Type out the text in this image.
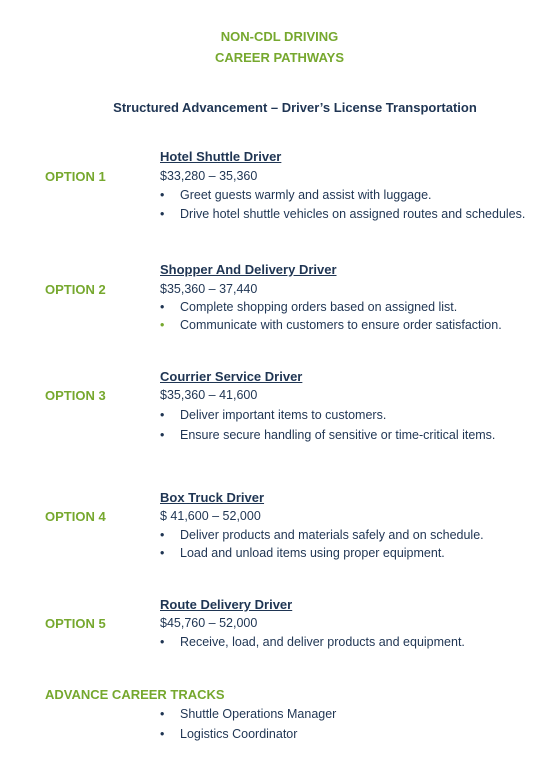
NON-CDL DRIVING
CAREER PATHWAYS
Structured Advancement – Driver’s License Transportation
Hotel Shuttle Driver
OPTION 1	$33,280 – 35,360
• Greet guests warmly and assist with luggage.
• Drive hotel shuttle vehicles on assigned routes and schedules.
Shopper And Delivery Driver
OPTION 2	$35,360 – 37,440
• Complete shopping orders based on assigned list.
• Communicate with customers to ensure order satisfaction.
Courrier Service Driver
OPTION 3	$35,360 – 41,600
• Deliver important items to customers.
• Ensure secure handling of sensitive or time-critical items.
Box Truck Driver
OPTION 4	$ 41,600 – 52,000
• Deliver products and materials safely and on schedule.
• Load and unload items using proper equipment.
Route Delivery Driver
OPTION 5	$45,760 – 52,000
• Receive, load, and deliver products and equipment.
ADVANCE CAREER TRACKS
• Shuttle Operations Manager
• Logistics Coordinator
